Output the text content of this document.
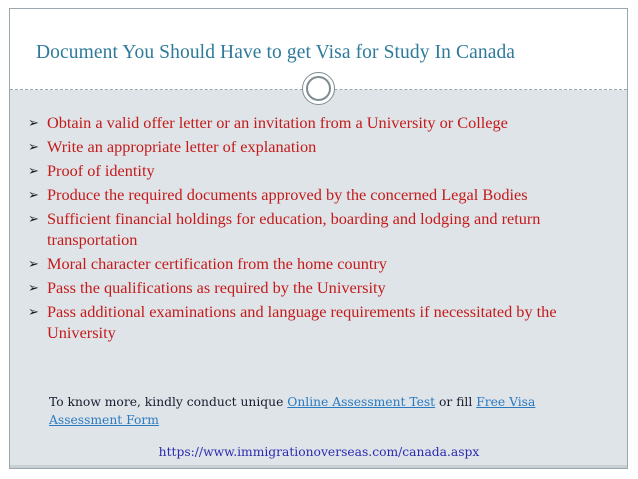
Document You Should Have to get Visa for Study In Canada
➢ Obtain a valid offer letter or an invitation from a University or College
➢ Write an appropriate letter of explanation
➢ Proof of identity
➢ Produce the required documents approved by the concerned Legal Bodies
➢ Sufficient financial holdings for education, boarding and lodging and return transportation
➢ Moral character certification from the home country
➢ Pass the qualifications as required by the University
➢ Pass additional examinations and language requirements if necessitated by the University
To know more, kindly conduct unique Online Assessment Test or fill Free Visa Assessment Form
https://www.immigrationoverseas.com/canada.aspx
